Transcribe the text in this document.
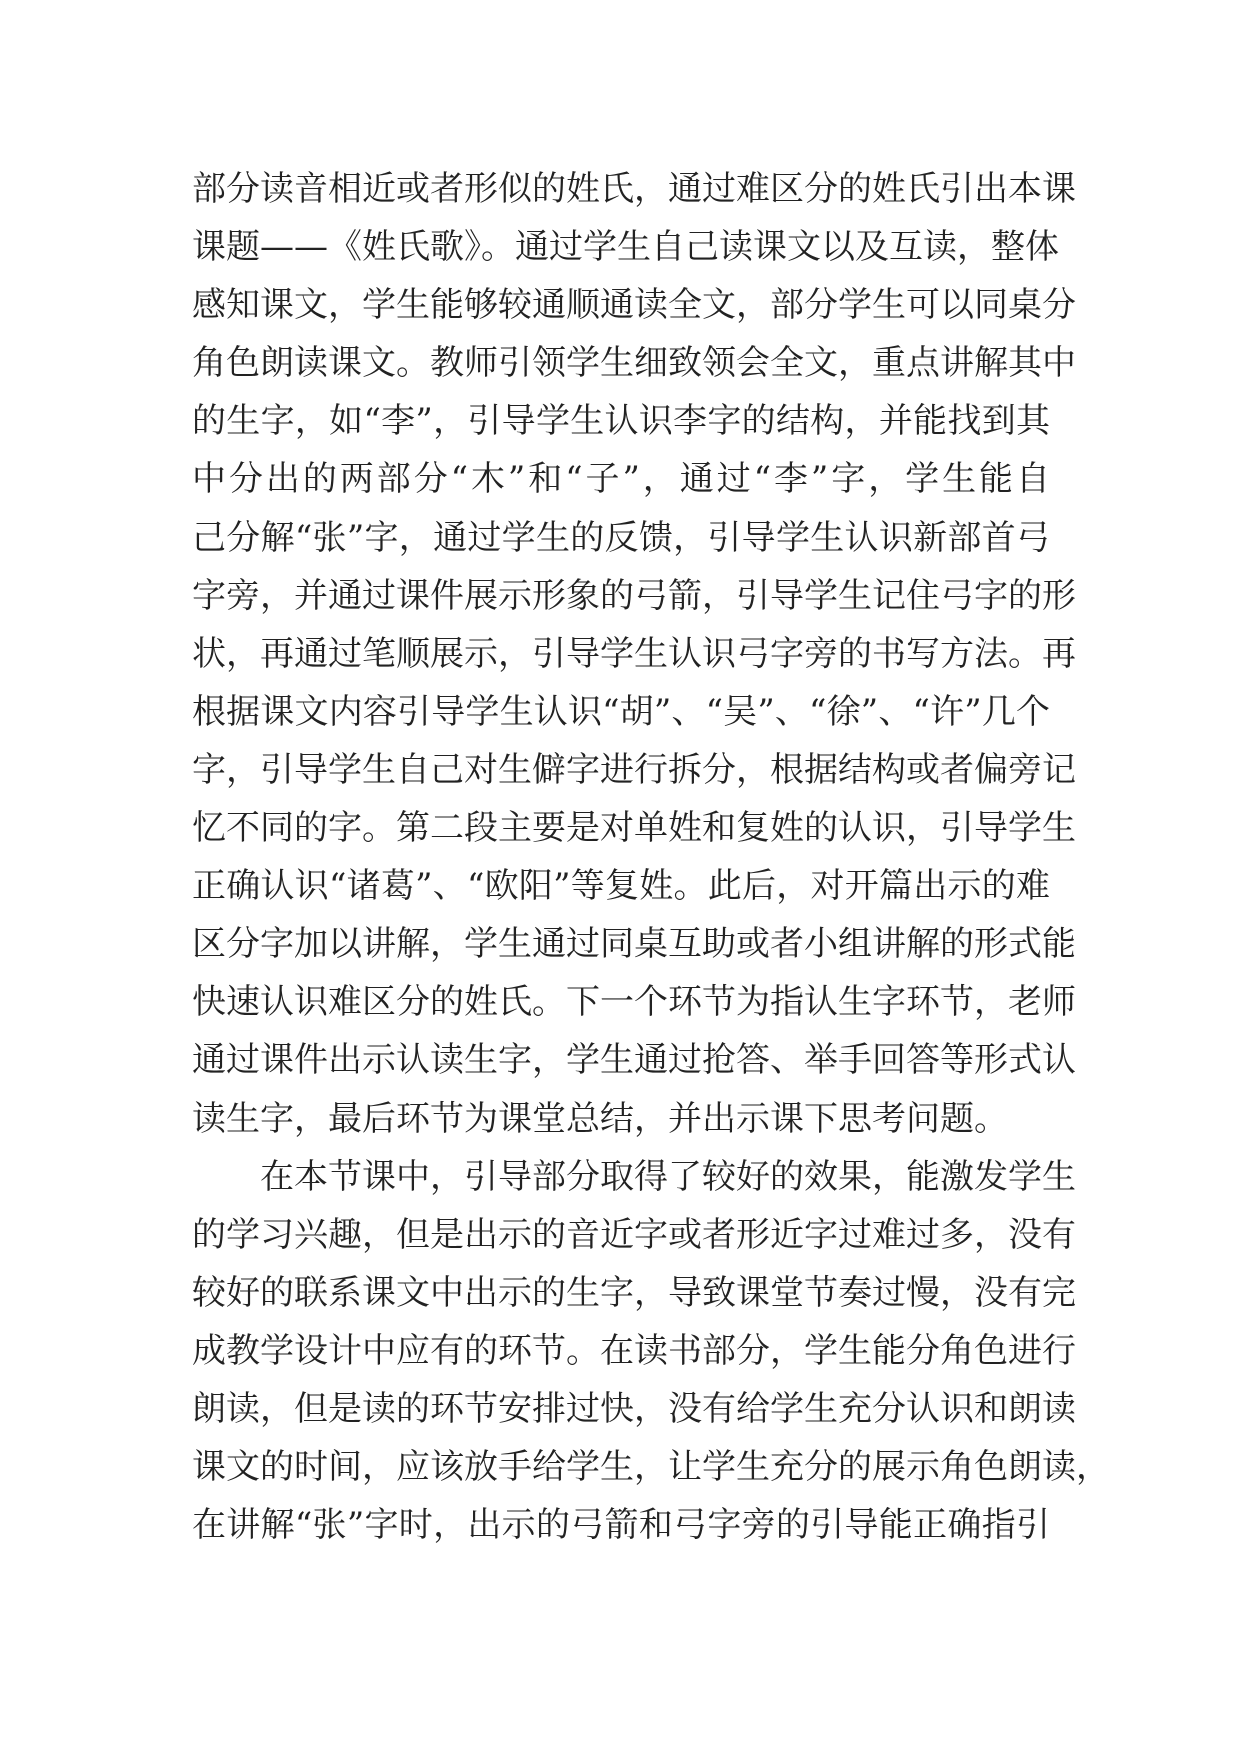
部分读音相近或者形似的姓氏，通过难区分的姓氏引出本课
课题——《姓氏歌》。通过学生自己读课文以及互读，整体
感知课文，学生能够较通顺通读全文，部分学生可以同桌分
角色朗读课文。教师引领学生细致领会全文，重点讲解其中
的生字，如“李”，引导学生认识李字的结构，并能找到其
中分出的两部分“木”和“子”，通过“李”字，学生能自
己分解“张”字，通过学生的反馈，引导学生认识新部首弓
字旁，并通过课件展示形象的弓箭，引导学生记住弓字的形
状，再通过笔顺展示，引导学生认识弓字旁的书写方法。再
根据课文内容引导学生认识“胡”、“吴”、“徐”、“许”几个
字，引导学生自己对生僻字进行拆分，根据结构或者偏旁记
忆不同的字。第二段主要是对单姓和复姓的认识，引导学生
正确认识“诸葛”、“欧阳”等复姓。此后，对开篇出示的难
区分字加以讲解，学生通过同桌互助或者小组讲解的形式能
快速认识难区分的姓氏。下一个环节为指认生字环节，老师
通过课件出示认读生字，学生通过抢答、举手回答等形式认
读生字，最后环节为课堂总结，并出示课下思考问题。
在本节课中，引导部分取得了较好的效果，能激发学生
的学习兴趣，但是出示的音近字或者形近字过难过多，没有
较好的联系课文中出示的生字，导致课堂节奏过慢，没有完
成教学设计中应有的环节。在读书部分，学生能分角色进行
朗读，但是读的环节安排过快，没有给学生充分认识和朗读
课文的时间，应该放手给学生，让学生充分的展示角色朗读，
在讲解“张”字时，出示的弓箭和弓字旁的引导能正确指引
